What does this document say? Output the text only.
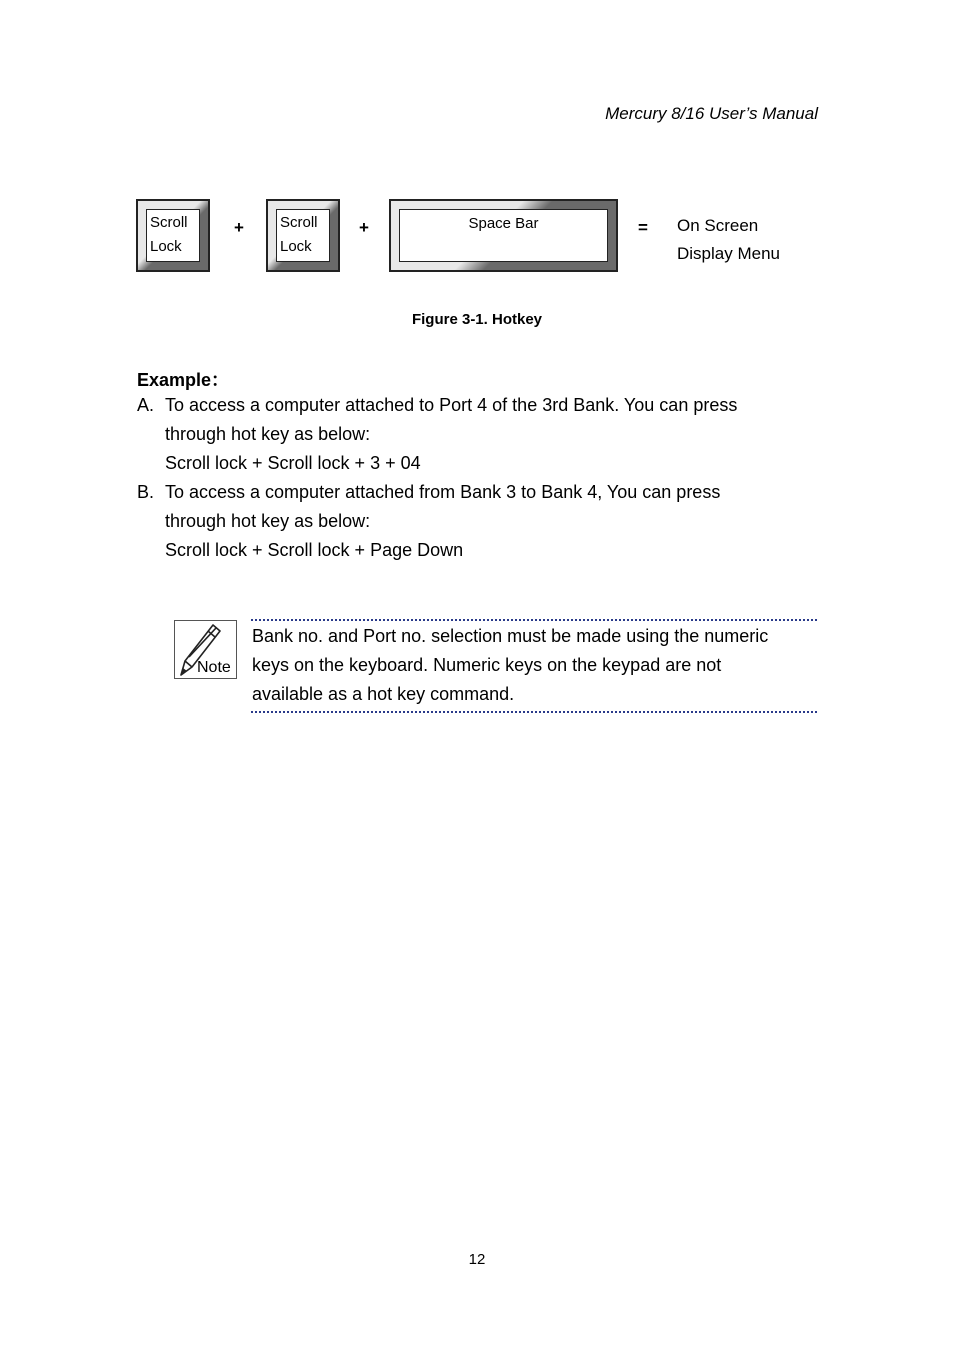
Mercury 8/16 User’s Manual
Scroll
Lock
+ Scroll
Lock
+	Space Bar	= On Screen
Display Menu
Figure 3-1. Hotkey
Example：
A. To access a computer attached to Port 4 of the 3rd Bank. You can press
through hot key as below:
Scroll lock + Scroll lock + 3 + 04
B. To access a computer attached from Bank 3 to Bank 4, You can press
through hot key as below:
Scroll lock + Scroll lock + Page Down
Note
Bank no. and Port no. selection must be made using the numeric
keys on the keyboard. Numeric keys on the keypad are not
available as a hot key command.
12
